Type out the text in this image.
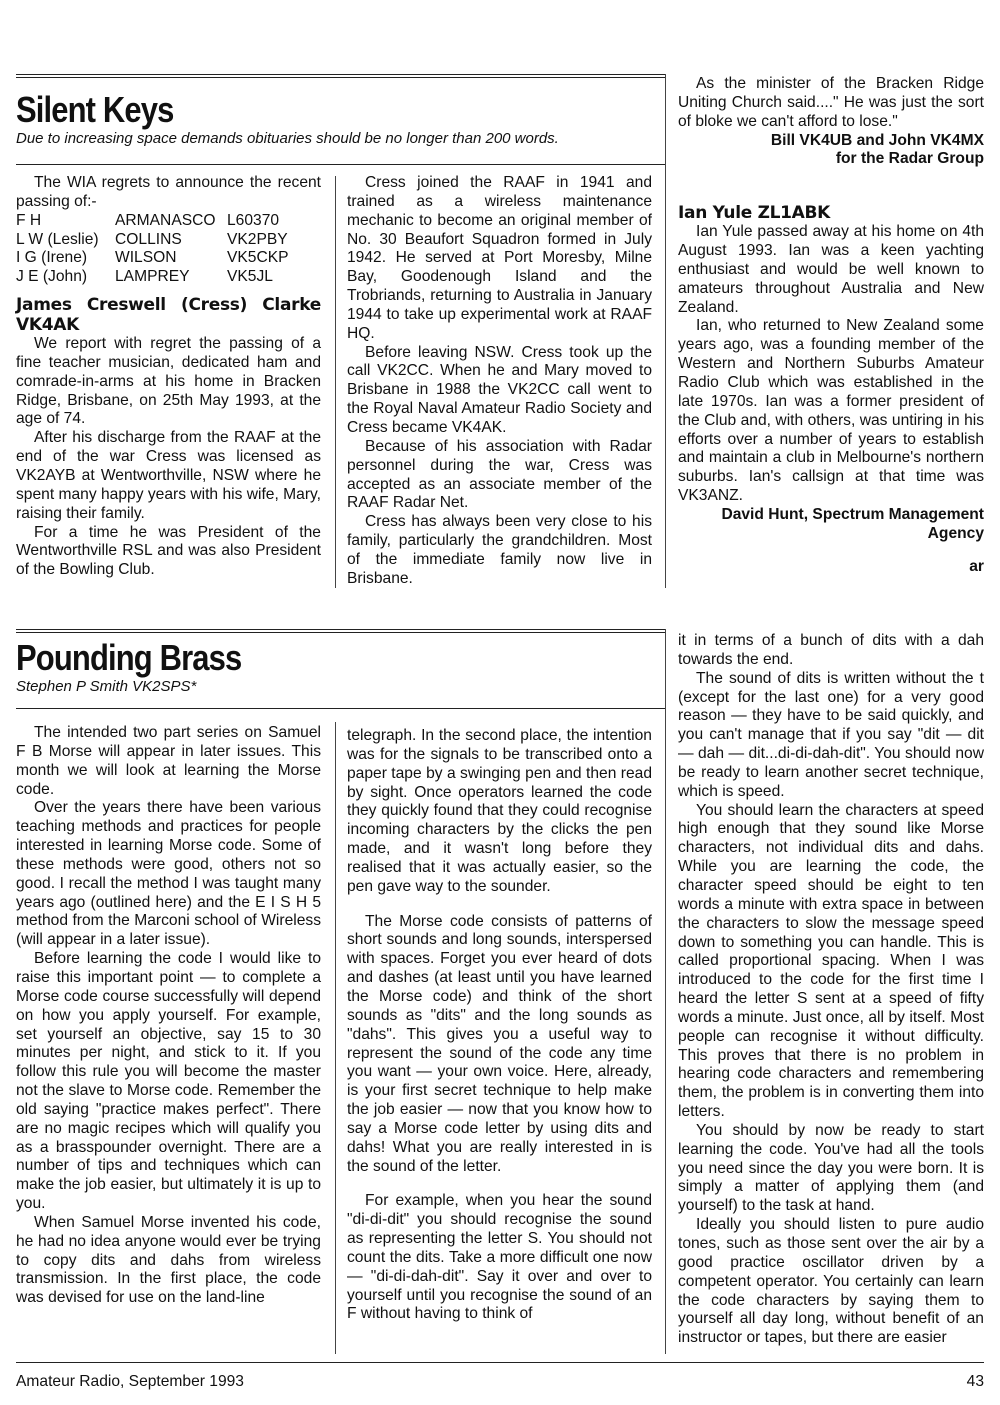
Silent Keys
Due to increasing space demands obituaries should be no longer than 200 words.

The WIA regrets to announce the recent passing of:-

F H	ARMANASCO	L60370
L W (Leslie)	COLLINS	VK2PBY
I G (Irene)	WILSON	VK5CKP
J E (John)	LAMPREY	VK5JL
James Creswell (Cress) Clarke VK4AK

We report with regret the passing of a fine teacher musician, dedicated ham and comrade-in-arms at his home in Bracken Ridge, Brisbane, on 25th May 1993, at the age of 74.

After his discharge from the RAAF at the end of the war Cress was licensed as VK2AYB at Wentworthville, NSW where he spent many happy years with his wife, Mary, raising their family.

For a time he was President of the Wentworthville RSL and was also President of the Bowling Club.

Cress joined the RAAF in 1941 and trained as a wireless maintenance mechanic to become an original member of No. 30 Beaufort Squadron formed in July 1942. He served at Port Moresby, Milne Bay, Goodenough Island and the Trobriands, returning to Australia in January 1944 to take up experimental work at RAAF HQ.

Before leaving NSW. Cress took up the call VK2CC. When he and Mary moved to Brisbane in 1988 the VK2CC call went to the Royal Naval Amateur Radio Society and Cress became VK4AK.

Because of his association with Radar personnel during the war, Cress was accepted as an associate member of the RAAF Radar Net.

Cress has always been very close to his family, particularly the grandchildren. Most of the immediate family now live in Brisbane.

As the minister of the Bracken Ridge Uniting Church said...." He was just the sort of bloke we can't afford to lose."

Bill VK4UB and John VK4MX
for the Radar Group
Ian Yule ZL1ABK

Ian Yule passed away at his home on 4th August 1993. Ian was a keen yachting enthusiast and would be well known to amateurs throughout Australia and New Zealand.

Ian, who returned to New Zealand some years ago, was a founding member of the Western and Northern Suburbs Amateur Radio Club which was established in the late 1970s. Ian was a former president of the Club and, with others, was untiring in his efforts over a number of years to establish and maintain a club in Melbourne's northern suburbs. Ian's callsign at that time was VK3ANZ.

David Hunt, Spectrum Management
Agency
ar
Pounding Brass
Stephen P Smith VK2SPS*

The intended two part series on Samuel F B Morse will appear in later issues. This month we will look at learning the Morse code.

Over the years there have been various teaching methods and practices for people interested in learning Morse code. Some of these methods were good, others not so good. I recall the method I was taught many years ago (outlined here) and the E I S H 5 method from the Marconi school of Wireless (will appear in a later issue).

Before learning the code I would like to raise this important point — to complete a Morse code course successfully will depend on how you apply yourself. For example, set yourself an objective, say 15 to 30 minutes per night, and stick to it. If you follow this rule you will become the master not the slave to Morse code. Remember the old saying "practice makes perfect". There are no magic recipes which will qualify you as a brasspounder overnight. There are a number of tips and techniques which can make the job easier, but ultimately it is up to you.

When Samuel Morse invented his code, he had no idea anyone would ever be trying to copy dits and dahs from wireless transmission. In the first place, the code was devised for use on the land-line

telegraph. In the second place, the intention was for the signals to be transcribed onto a paper tape by a swinging pen and then read by sight. Once operators learned the code they quickly found that they could recognise incoming characters by the clicks the pen made, and it wasn't long before they realised that it was actually easier, so the pen gave way to the sounder.

The Morse code consists of patterns of short sounds and long sounds, interspersed with spaces. Forget you ever heard of dots and dashes (at least until you have learned the Morse code) and think of the short sounds as "dits" and the long sounds as "dahs". This gives you a useful way to represent the sound of the code any time you want — your own voice. Here, already, is your first secret technique to help make the job easier — now that you know how to say a Morse code letter by using dits and dahs! What you are really interested in is the sound of the letter.

For example, when you hear the sound "di-di-dit" you should recognise the sound as representing the letter S. You should not count the dits. Take a more difficult one now — "di-di-dah-dit". Say it over and over to yourself until you recognise the sound of an F without having to think of

it in terms of a bunch of dits with a dah towards the end.

The sound of dits is written without the t (except for the last one) for a very good reason — they have to be said quickly, and you can't manage that if you say "dit — dit — dah — dit...di-di-dah-dit". You should now be ready to learn another secret technique, which is speed.

You should learn the characters at speed high enough that they sound like Morse characters, not individual dits and dahs. While you are learning the code, the character speed should be eight to ten words a minute with extra space in between the characters to slow the message speed down to something you can handle. This is called proportional spacing. When I was introduced to the code for the first time I heard the letter S sent at a speed of fifty words a minute. Just once, all by itself. Most people can recognise it without difficulty. This proves that there is no problem in hearing code characters and remembering them, the problem is in converting them into letters.

You should by now be ready to start learning the code. You've had all the tools you need since the day you were born. It is simply a matter of applying them (and yourself) to the task at hand.

Ideally you should listen to pure audio tones, such as those sent over the air by a good practice oscillator driven by a competent operator. You certainly can learn the code characters by saying them to yourself all day long, without benefit of an instructor or tapes, but there are easier

Amateur Radio, September 1993	43
